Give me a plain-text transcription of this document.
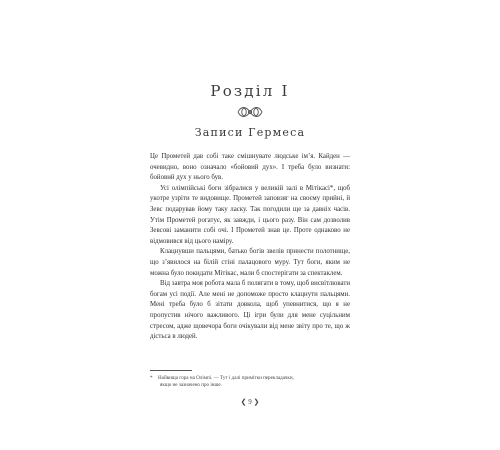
Розділ І
Записи Гермеса

Це Прометей дав собі таке смішнувате людське ім’я. Кайден — очевидно, воно означало «бойовий дух». І треба було визнати: бойовий дух у нього був.

Усі олімпійські боги зібралися у великій залі в Мітікасі*, щоб укотре узріти те видовище. Прометей заповзяг на своєму прийні, й Зевс подарував йому таку ласку. Так погодили ще за давніх часів. Утім Прометей рогатує, як завжди, і цього разу. Він сам дозволив Зевсові заманити собі очі. І Прометей знав це. Проте однаково не відмовився від цього наміру.

Клацнувши пальцями, батько богів звелів принести полотнище, що з’явилося на білій стіні палацового муру. Тут боги, яким не можна було покидати Мітікас, мали б спостерігати за спектаклем.

Від завтра моя робота мала б полягати в тому, щоб висвітлювати богам усі події. Але мені не допоможе просто клацнути пальцями. Мені треба було б зітати довкола, щоб упевнитися, що я не пропустив нічого важливого. Ці ігри були для мене суцільним стресом, адже щовечора боги очікували від мене звіту про те, що ж дістьса в людей.

* Найвища гора на Олімпі. — Тут і далі примітки перекладачки,
якщо не зазначено про інше.
❮ 9 ❯
